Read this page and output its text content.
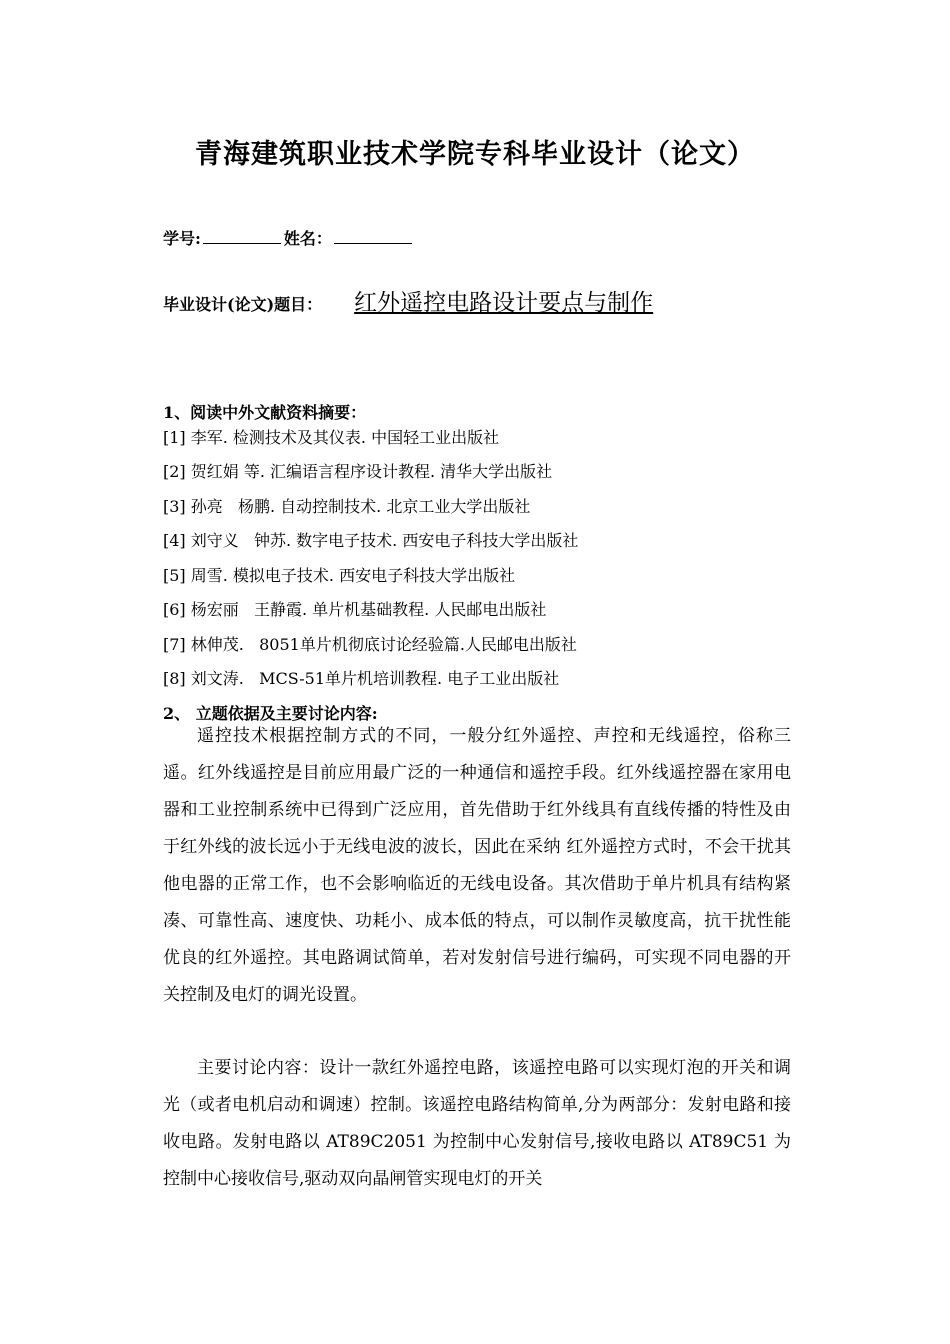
青海建筑职业技术学院专科毕业设计（论文）
学号:	姓名：
毕业设计(论文)题目： 红外遥控电路设计要点与制作
1、阅读中外文献资料摘要：
[1] 李军. 检测技术及其仪表. 中国轻工业出版社
[2] 贺红娟 等. 汇编语言程序设计教程. 清华大学出版社
[3] 孙亮   杨鹏. 自动控制技术. 北京工业大学出版社
[4] 刘守义   钟苏. 数字电子技术. 西安电子科技大学出版社
[5] 周雪. 模拟电子技术. 西安电子科技大学出版社
[6] 杨宏丽   王静霞. 单片机基础教程. 人民邮电出版社
[7] 林伸茂.   8051单片机彻底讨论经验篇.人民邮电出版社
[8] 刘文涛.   MCS-51单片机培训教程. 电子工业出版社
2、 立题依据及主要讨论内容:
遥控技术根据控制方式的不同，一般分红外遥控、声控和无线遥控，俗称三遥。红外线遥控是目前应用最广泛的一种通信和遥控手段。红外线遥控器在家用电器和工业控制系统中已得到广泛应用，首先借助于红外线具有直线传播的特性及由于红外线的波长远小于无线电波的波长，因此在采纳 红外遥控方式时，不会干扰其他电器的正常工作，也不会影响临近的无线电设备。其次借助于单片机具有结构紧凑、可靠性高、速度快、功耗小、成本低的特点，可以制作灵敏度高，抗干扰性能优良的红外遥控。其电路调试简单，若对发射信号进行编码，可实现不同电器的开关控制及电灯的调光设置。
主要讨论内容：设计一款红外遥控电路，该遥控电路可以实现灯泡的开关和调光（或者电机启动和调速）控制。该遥控电路结构简单,分为两部分：发射电路和接收电路。发射电路以 AT89C2051 为控制中心发射信号,接收电路以 AT89C51 为控制中心接收信号,驱动双向晶闸管实现电灯的开关
